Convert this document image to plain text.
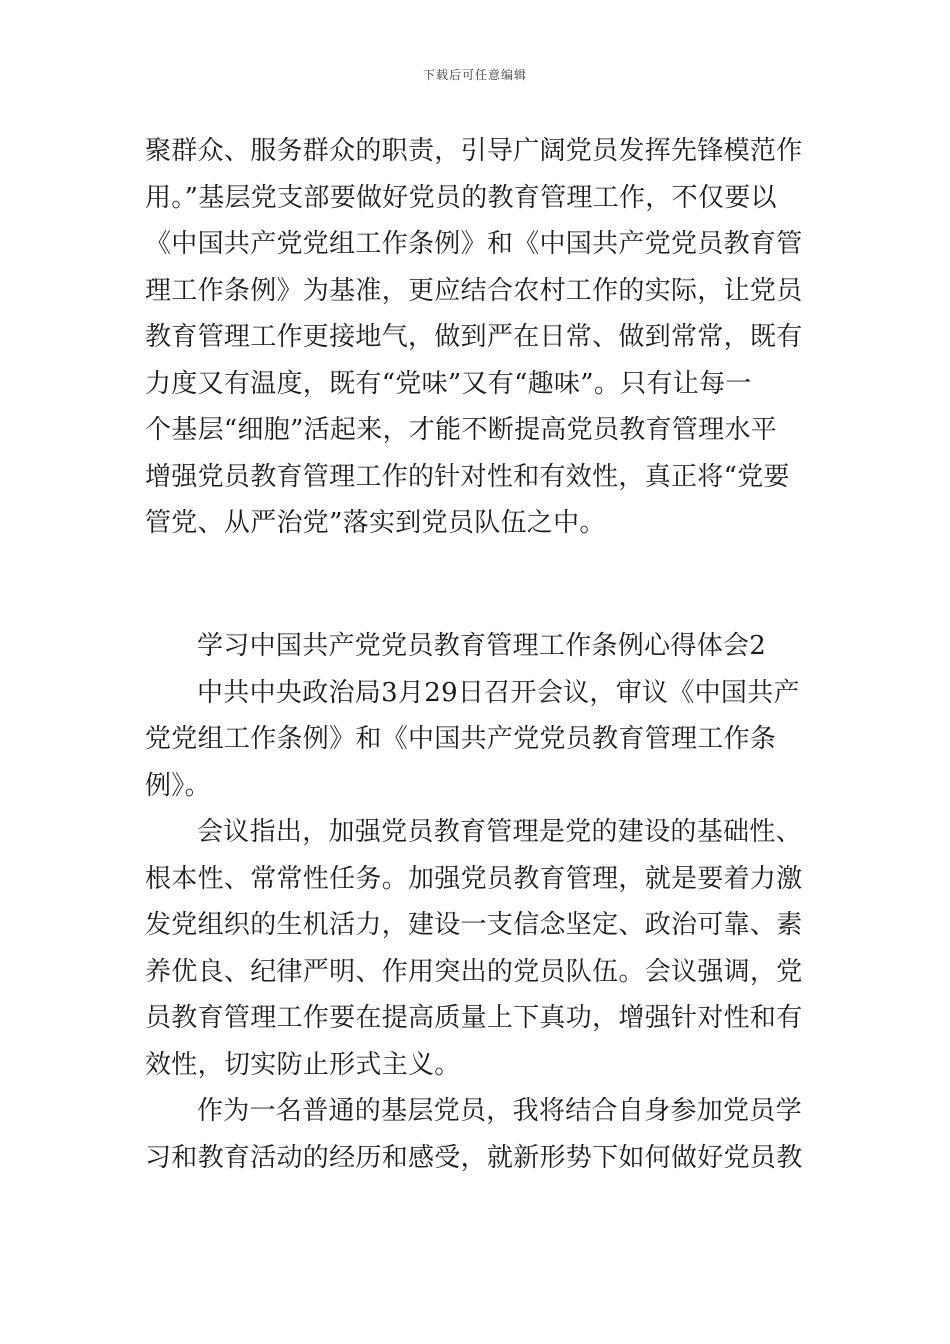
下载后可任意编辑
聚群众、服务群众的职责，引导广阔党员发挥先锋模范作
用。”基层党支部要做好党员的教育管理工作，不仅要以
《中国共产党党组工作条例》和《中国共产党党员教育管
理工作条例》为基准，更应结合农村工作的实际，让党员
教育管理工作更接地气，做到严在日常、做到常常，既有
力度又有温度，既有“党味”又有“趣味”。只有让每一
个基层“细胞”活起来，才能不断提高党员教育管理水平
增强党员教育管理工作的针对性和有效性，真正将“党要
管党、从严治党”落实到党员队伍之中。
学习中国共产党党员教育管理工作条例心得体会2
中共中央政治局3月29日召开会议，审议《中国共产
党党组工作条例》和《中国共产党党员教育管理工作条
例》。
会议指出，加强党员教育管理是党的建设的基础性、
根本性、常常性任务。加强党员教育管理，就是要着力激
发党组织的生机活力，建设一支信念坚定、政治可靠、素
养优良、纪律严明、作用突出的党员队伍。会议强调，党
员教育管理工作要在提高质量上下真功，增强针对性和有
效性，切实防止形式主义。
作为一名普通的基层党员，我将结合自身参加党员学
习和教育活动的经历和感受，就新形势下如何做好党员教
